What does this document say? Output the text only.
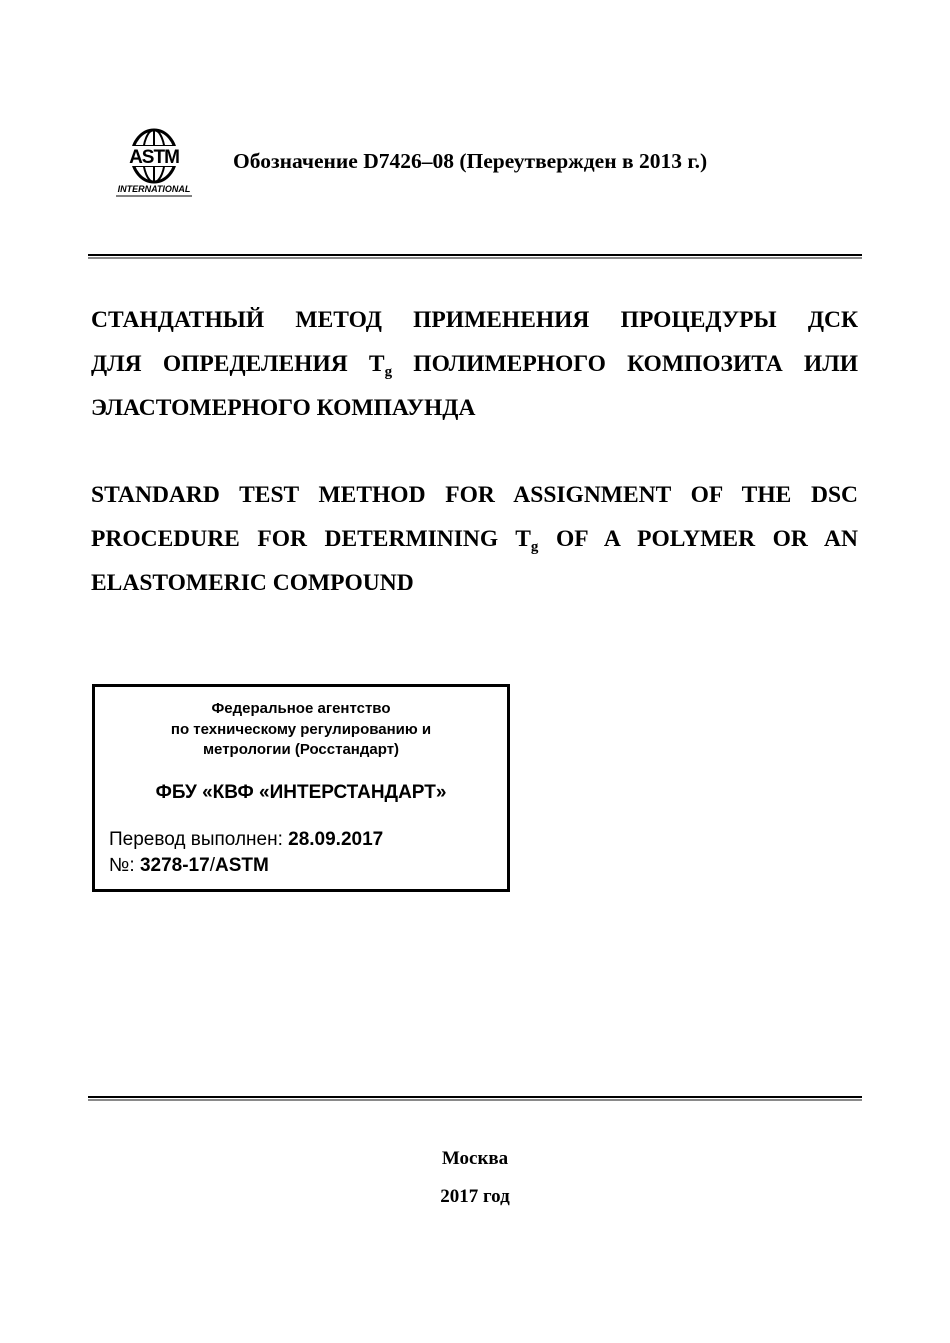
ASTM
INTERNATIONAL
Обозначение D7426–08 (Переутвержден в 2013 г.)
СТАНДАТНЫЙ МЕТОД ПРИМЕНЕНИЯ ПРОЦЕДУРЫ ДСК
ДЛЯ ОПРЕДЕЛЕНИЯ $T_g$ ПОЛИМЕРНОГО КОМПОЗИТА ИЛИ
ЭЛАСТОМЕРНОГО КОМПАУНДА
STANDARD TEST METHOD FOR ASSIGNMENT OF THE DSC
PROCEDURE FOR DETERMINING $T_g$ OF A POLYMER OR AN
ELASTOMERIC COMPOUND
Федеральное агентство
по техническому регулированию и
метрологии (Росстандарт)
ФБУ «КВФ «ИНТЕРСТАНДАРТ»
Перевод выполнен: 28.09.2017
№: 3278-17/ASTM
Москва
2017 год
